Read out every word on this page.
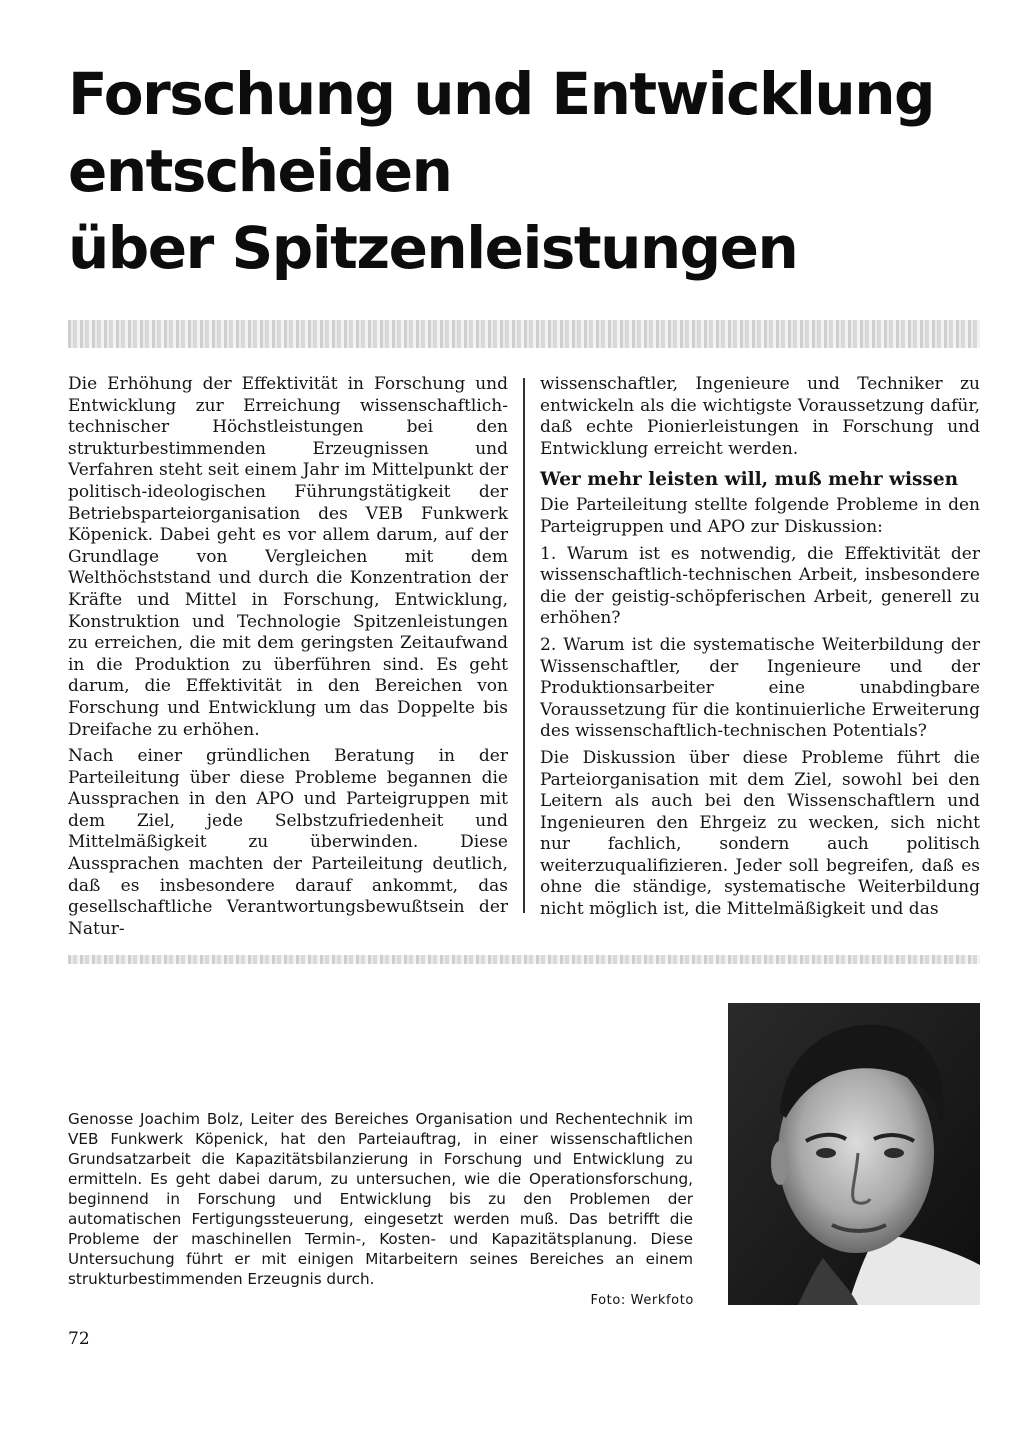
Forschung und Entwicklung
entscheiden
über Spitzenleistungen

Die Erhöhung der Effektivität in Forschung und Entwicklung zur Erreichung wissenschaftlich-technischer Höchstleistungen bei den strukturbestimmenden Erzeugnissen und Verfahren steht seit einem Jahr im Mittelpunkt der politisch-ideologischen Führungstätigkeit der Betriebsparteiorganisation des VEB Funkwerk Köpenick. Dabei geht es vor allem darum, auf der Grundlage von Vergleichen mit dem Welthöchststand und durch die Konzentration der Kräfte und Mittel in Forschung, Entwicklung, Konstruktion und Technologie Spitzenleistungen zu erreichen, die mit dem geringsten Zeitaufwand in die Produktion zu überführen sind. Es geht darum, die Effektivität in den Bereichen von Forschung und Entwicklung um das Doppelte bis Dreifache zu erhöhen.

Nach einer gründlichen Beratung in der Parteileitung über diese Probleme begannen die Aussprachen in den APO und Parteigruppen mit dem Ziel, jede Selbstzufriedenheit und Mittelmäßigkeit zu überwinden. Diese Aussprachen machten der Parteileitung deutlich, daß es insbesondere darauf ankommt, das gesellschaftliche Verantwortungsbewußtsein der Natur-

wissenschaftler, Ingenieure und Techniker zu entwickeln als die wichtigste Voraussetzung dafür, daß echte Pionierleistungen in Forschung und Entwicklung erreicht werden.

Wer mehr leisten will, muß mehr wissen

Die Parteileitung stellte folgende Probleme in den Parteigruppen und APO zur Diskussion:

1. Warum ist es notwendig, die Effektivität der wissenschaftlich-technischen Arbeit, insbesondere die der geistig-schöpferischen Arbeit, generell zu erhöhen?

2. Warum ist die systematische Weiterbildung der Wissenschaftler, der Ingenieure und der Produktionsarbeiter eine unabdingbare Voraussetzung für die kontinuierliche Erweiterung des wissenschaftlich-technischen Potentials?

Die Diskussion über diese Probleme führt die Parteiorganisation mit dem Ziel, sowohl bei den Leitern als auch bei den Wissenschaftlern und Ingenieuren den Ehrgeiz zu wecken, sich nicht nur fachlich, sondern auch politisch weiterzuqualifizieren. Jeder soll begreifen, daß es ohne die ständige, systematische Weiterbildung nicht möglich ist, die Mittelmäßigkeit und das

Genosse Joachim Bolz, Leiter des Bereiches Organisation und Rechentechnik im VEB Funkwerk Köpenick, hat den Parteiauftrag, in einer wissenschaftlichen Grundsatzarbeit die Kapazitätsbilanzierung in Forschung und Entwicklung zu ermitteln. Es geht dabei darum, zu untersuchen, wie die Operationsforschung, beginnend in Forschung und Entwicklung bis zu den Problemen der automatischen Fertigungssteuerung, eingesetzt werden muß. Das betrifft die Probleme der maschinellen Termin-, Kosten- und Kapazitätsplanung. Diese Untersuchung führt er mit einigen Mitarbeitern seines Bereiches an einem strukturbestimmenden Erzeugnis durch.

Foto: Werkfoto

72
